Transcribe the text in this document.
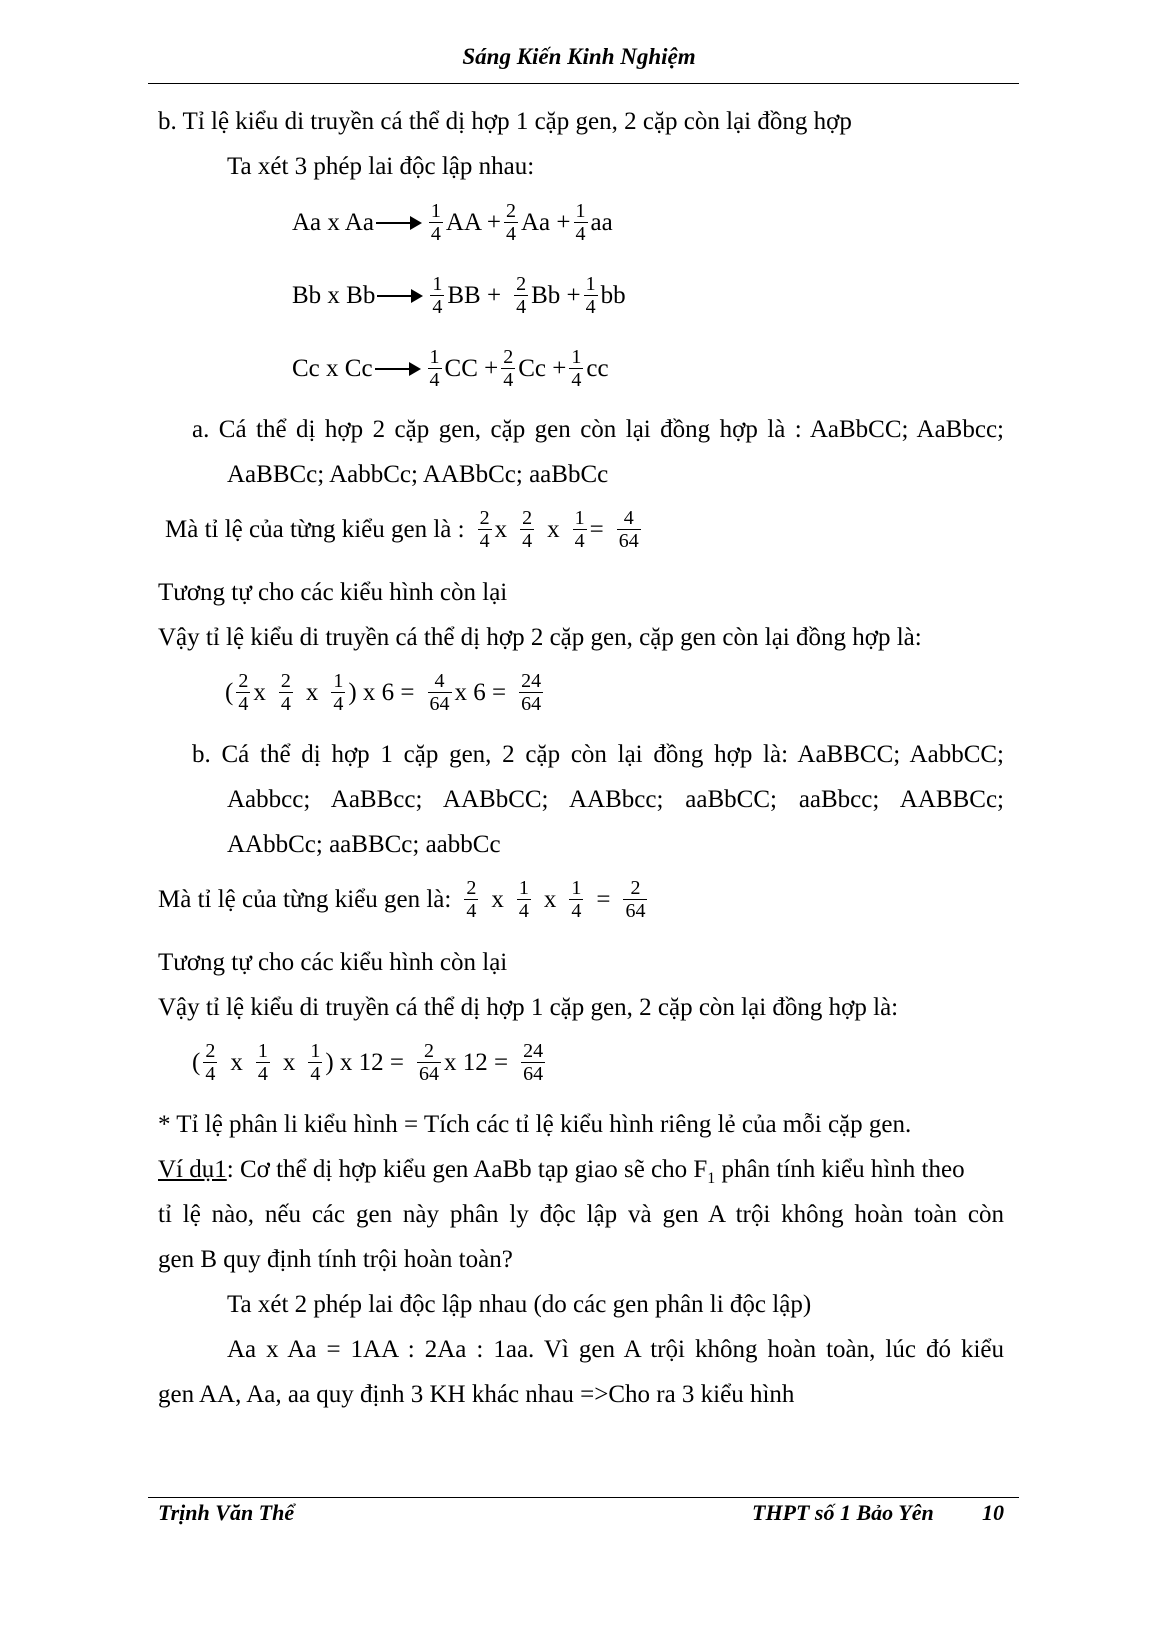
Sáng Kiến Kinh Nghiệm
b. Tỉ lệ kiểu di truyền cá thể dị hợp 1 cặp gen, 2 cặp còn lại đồng hợp
Ta xét 3 phép lai độc lập nhau:
Aa x Aa	$\frac{1}{4}$ AA + $\frac{2}{4}$ $Aa + \frac{1}{4}$ aa
Bb x Bb	$\frac{1}{4}$ BB + $\frac{2}{4}$ $Bb + \frac{1}{4}$ bb
Cc x Cc	$\frac{1}{4}$ CC + $\frac{2}{4}$ $Cc + \frac{1}{4}$ cc
a. Cá thể dị hợp 2 cặp gen, cặp gen còn lại đồng hợp là : AaBbCC; AaBbcc;
AaBBCc; AabbCc; AABbCc; aaBbCc
Mà tỉ lệ của từng kiểu gen là : $\frac{2}{4}$ x $\frac{2}{4}$ x $\frac{1}{4} = \frac{4}{64}$
Tương tự cho các kiểu hình còn lại
Vậy tỉ lệ kiểu di truyền cá thể dị hợp 2 cặp gen, cặp gen còn lại đồng hợp là:
( $\frac{2}{4}$ x $\frac{2}{4}$ x $\frac{1}{4}$ ) x $6 = \frac{4}{64}$ x $6 = \frac{24}{64}$
b. Cá thể dị hợp 1 cặp gen, 2 cặp còn lại đồng hợp là: AaBBCC; AabbCC;
Aabbcc; AaBBcc; AABbCC; AABbcc; aaBbCC; aaBbcc; AABBCc;
AAbbCc; aaBBCc; aabbCc
Mà tỉ lệ của từng kiểu gen là: $\frac{2}{4}$ x $\frac{1}{4}$ x $\frac{1}{4} = \frac{2}{64}$
Tương tự cho các kiểu hình còn lại
Vậy tỉ lệ kiểu di truyền cá thể dị hợp 1 cặp gen, 2 cặp còn lại đồng hợp là:
( $\frac{2}{4}$ x $\frac{1}{4}$ x $\frac{1}{4}$ ) x $12 = \frac{2}{64}$ x $12 = \frac{24}{64}$
* Tỉ lệ phân li kiểu hình = Tích các tỉ lệ kiểu hình riêng lẻ của mỗi cặp gen.
Ví dụ1: Cơ thể dị hợp kiểu gen AaBb tạp giao sẽ cho $F_1$ phân tính kiểu hình theo
tỉ lệ nào, nếu các gen này phân ly độc lập và gen A trội không hoàn toàn còn
gen B quy định tính trội hoàn toàn?
Ta xét 2 phép lai độc lập nhau (do các gen phân li độc lập)
Aa x Aa = 1AA : 2Aa : 1aa. Vì gen A trội không hoàn toàn, lúc đó kiểu
gen AA, Aa, aa quy định 3 KH khác nhau =>Cho ra 3 kiểu hình
Trịnh Văn Thể	THPT số 1 Bảo Yên 10
